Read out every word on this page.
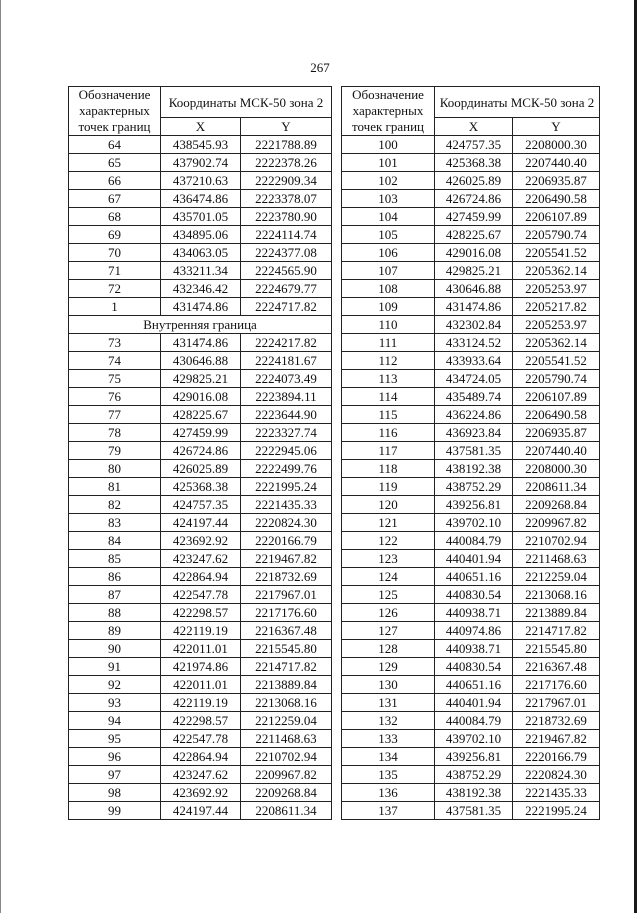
267
Обозначение характерных точек границ	Координаты МСК-50 зона 2	

	X	Y
64	438545.93	2221788.89
65	437902.74	2222378.26
66	437210.63	2222909.34
67	436474.86	2223378.07
68	435701.05	2223780.90
69	434895.06	2224114.74
70	434063.05	2224377.08
71	433211.34	2224565.90
72	432346.42	2224679.77
1	431474.86	2224717.82
Внутренняя граница		
73	431474.86	2224217.82
74	430646.88	2224181.67
75	429825.21	2224073.49
76	429016.08	2223894.11
77	428225.67	2223644.90
78	427459.99	2223327.74
79	426724.86	2222945.06
80	426025.89	2222499.76
81	425368.38	2221995.24
82	424757.35	2221435.33
83	424197.44	2220824.30
84	423692.92	2220166.79
85	423247.62	2219467.82
86	422864.94	2218732.69
87	422547.78	2217967.01
88	422298.57	2217176.60
89	422119.19	2216367.48
90	422011.01	2215545.80
91	421974.86	2214717.82
92	422011.01	2213889.84
93	422119.19	2213068.16
94	422298.57	2212259.04
95	422547.78	2211468.63
96	422864.94	2210702.94
97	423247.62	2209967.82
98	423692.92	2209268.84
99	424197.44	2208611.34
Обозначение характерных точек границ	Координаты МСК-50 зона 2	

	X	Y
100	424757.35	2208000.30
101	425368.38	2207440.40
102	426025.89	2206935.87
103	426724.86	2206490.58
104	427459.99	2206107.89
105	428225.67	2205790.74
106	429016.08	2205541.52
107	429825.21	2205362.14
108	430646.88	2205253.97
109	431474.86	2205217.82
110	432302.84	2205253.97
111	433124.52	2205362.14
112	433933.64	2205541.52
113	434724.05	2205790.74
114	435489.74	2206107.89
115	436224.86	2206490.58
116	436923.84	2206935.87
117	437581.35	2207440.40
118	438192.38	2208000.30
119	438752.29	2208611.34
120	439256.81	2209268.84
121	439702.10	2209967.82
122	440084.79	2210702.94
123	440401.94	2211468.63
124	440651.16	2212259.04
125	440830.54	2213068.16
126	440938.71	2213889.84
127	440974.86	2214717.82
128	440938.71	2215545.80
129	440830.54	2216367.48
130	440651.16	2217176.60
131	440401.94	2217967.01
132	440084.79	2218732.69
133	439702.10	2219467.82
134	439256.81	2220166.79
135	438752.29	2220824.30
136	438192.38	2221435.33
137	437581.35	2221995.24
